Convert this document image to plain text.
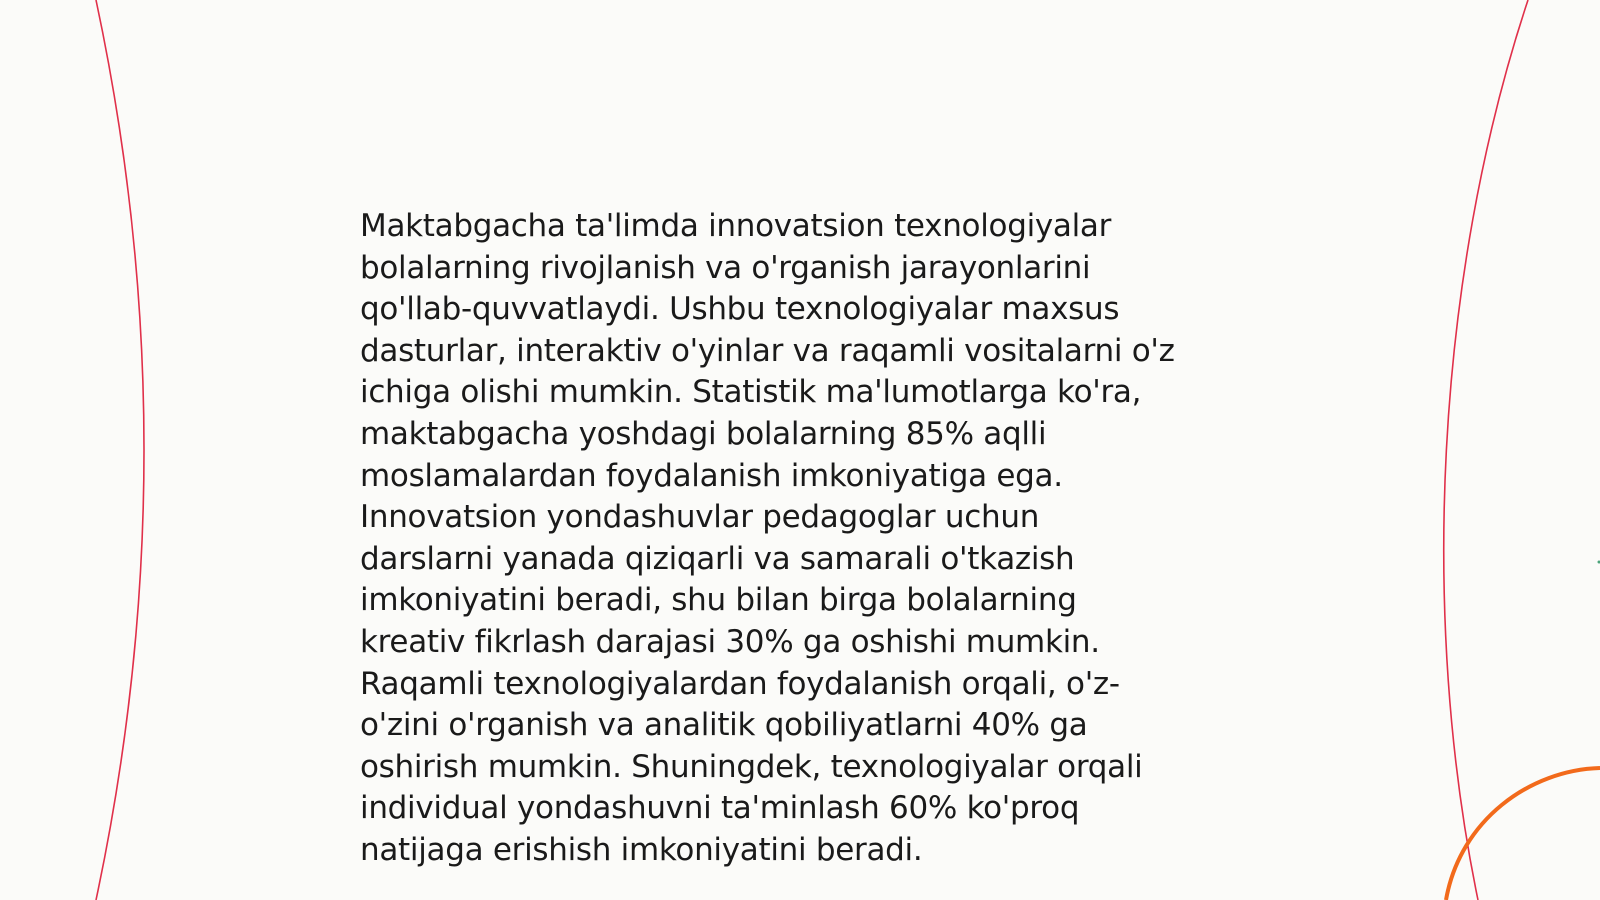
Maktabgacha ta'limda innovatsion texnologiyalar
bolalarning rivojlanish va o'rganish jarayonlarini
qo'llab-quvvatlaydi. Ushbu texnologiyalar maxsus
dasturlar, interaktiv o'yinlar va raqamli vositalarni o'z
ichiga olishi mumkin. Statistik ma'lumotlarga ko'ra,
maktabgacha yoshdagi bolalarning 85% aqlli
moslamalardan foydalanish imkoniyatiga ega.
Innovatsion yondashuvlar pedagoglar uchun
darslarni yanada qiziqarli va samarali o'tkazish
imkoniyatini beradi, shu bilan birga bolalarning
kreativ fikrlash darajasi 30% ga oshishi mumkin.
Raqamli texnologiyalardan foydalanish orqali, o'z-
o'zini o'rganish va analitik qobiliyatlarni 40% ga
oshirish mumkin. Shuningdek, texnologiyalar orqali
individual yondashuvni ta'minlash 60% ko'proq
natijaga erishish imkoniyatini beradi.
